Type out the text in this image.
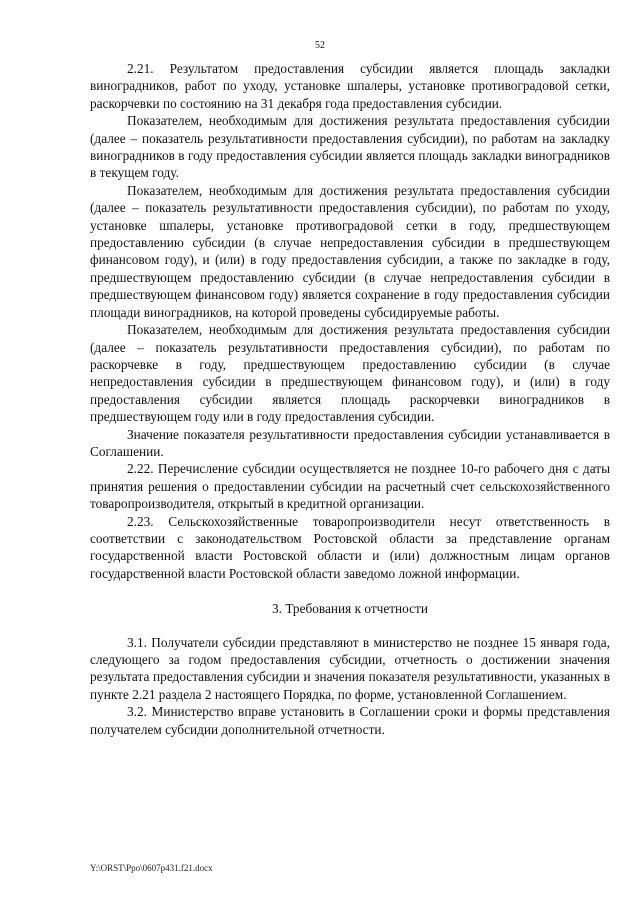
52

2.21. Результатом предоставления субсидии является площадь закладки виноградников, работ по уходу, установке шпалеры, установке противоградовой сетки, раскорчевки по состоянию на 31 декабря года предоставления субсидии.

Показателем, необходимым для достижения результата предоставления субсидии (далее – показатель результативности предоставления субсидии), по работам на закладку виноградников в году предоставления субсидии является площадь закладки виноградников в текущем году.

Показателем, необходимым для достижения результата предоставления субсидии (далее – показатель результативности предоставления субсидии), по работам по уходу, установке шпалеры, установке противоградовой сетки в году, предшествующем предоставлению субсидии (в случае непредоставления субсидии в предшествующем финансовом году), и (или) в году предоставления субсидии, а также по закладке в году, предшествующем предоставлению субсидии (в случае непредоставления субсидии в предшествующем финансовом году) является сохранение в году предоставления субсидии площади виноградников, на которой проведены субсидируемые работы.

Показателем, необходимым для достижения результата предоставления субсидии (далее – показатель результативности предоставления субсидии), по работам по раскорчевке в году, предшествующем предоставлению субсидии (в случае непредоставления субсидии в предшествующем финансовом году), и (или) в году предоставления субсидии является площадь раскорчевки виноградников в предшествующем году или в году предоставления субсидии.

Значение показателя результативности предоставления субсидии устанавливается в Соглашении.

2.22. Перечисление субсидии осуществляется не позднее 10-го рабочего дня с даты принятия решения о предоставлении субсидии на расчетный счет сельскохозяйственного товаропроизводителя, открытый в кредитной организации.

2.23. Сельскохозяйственные товаропроизводители несут ответственность в соответствии с законодательством Ростовской области за представление органам государственной власти Ростовской области и (или) должностным лицам органов государственной власти Ростовской области заведомо ложной информации.

3. Требования к отчетности

3.1. Получатели субсидии представляют в министерство не позднее 15 января года, следующего за годом предоставления субсидии, отчетность о достижении значения результата предоставления субсидии и значения показателя результативности, указанных в пункте 2.21 раздела 2 настоящего Порядка, по форме, установленной Соглашением.

3.2. Министерство вправе установить в Соглашении сроки и формы представления получателем субсидии дополнительной отчетности.

Y:\ORST\Ppo\0607p431.f21.docx
